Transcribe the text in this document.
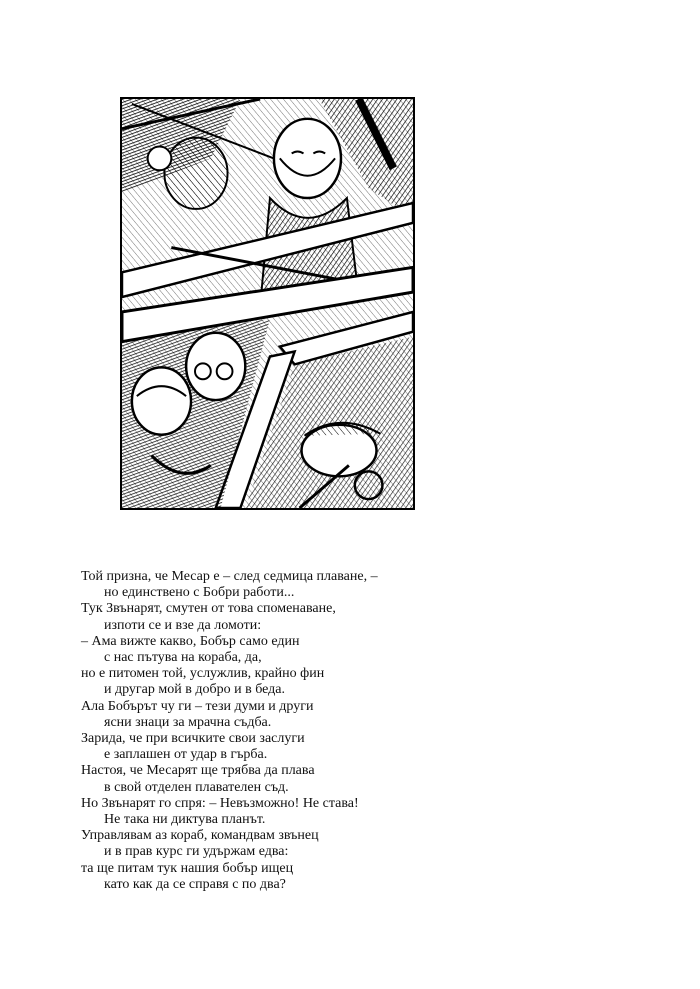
Той призна, че Месар е – след седмица плаване, –

но единствено с Бобри работи...

Тук Звънарят, смутен от това споменаване,

изпоти се и взе да ломоти:

– Ама вижте какво, Бобър само един

с нас пътува на кораба, да,

но е питомен той, услужлив, крайно фин

и другар мой в добро и в беда.

Ала Бобърът чу ги – тези думи и други

ясни знаци за мрачна съдба.

Зарида, че при всичките свои заслуги

е заплашен от удар в гърба.

Настоя, че Месарят ще трябва да плава

в свой отделен плавателен съд.

Но Звънарят го спря: – Невъзможно! Не става!

Не така ни диктува планът.

Управлявам аз кораб, командвам звънец

и в прав курс ги удържам едва:

та ще питам тук нашия бобър ищец

като как да се справя с по два?
